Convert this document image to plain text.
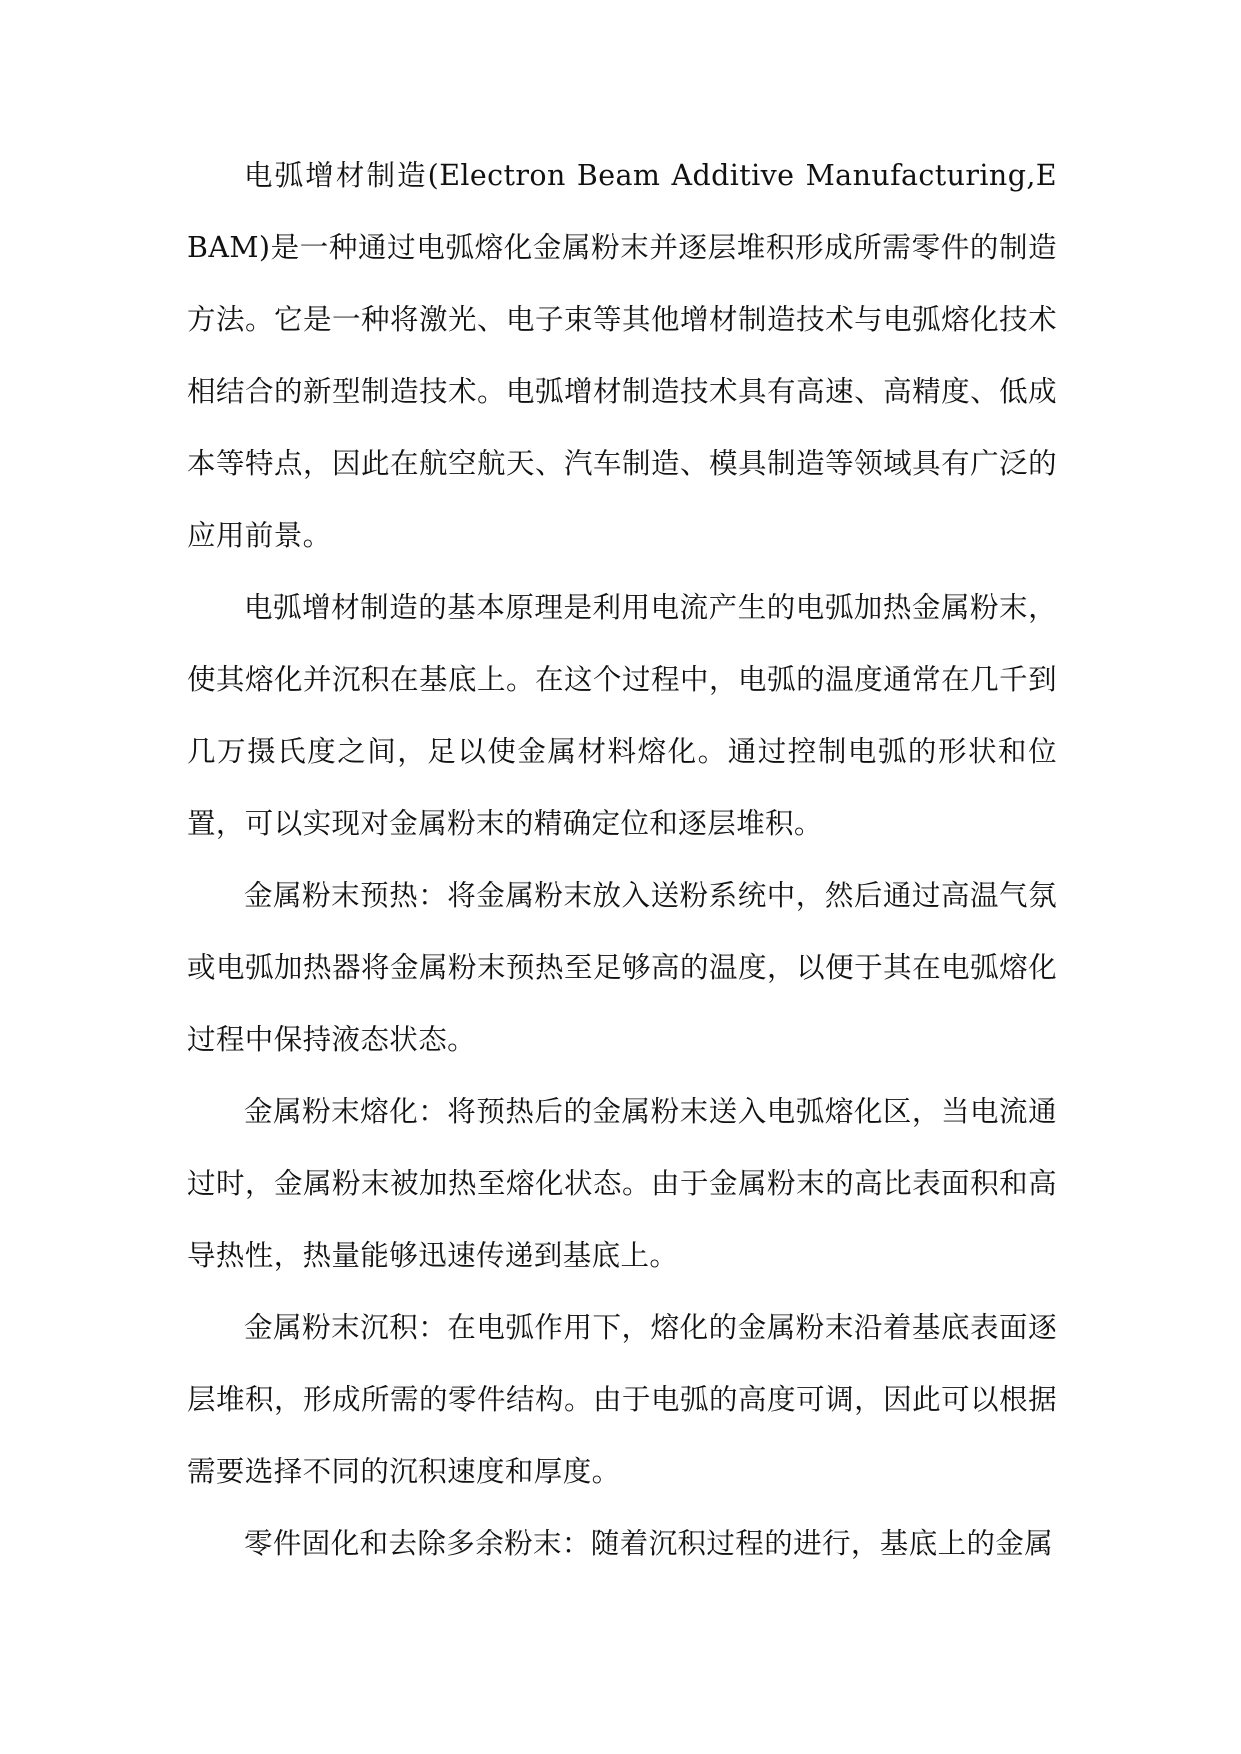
电弧增材制造(Electron Beam Additive Manufacturing,EBAM)是一种通过电弧熔化金属粉末并逐层堆积形成所需零件的制造方法。它是一种将激光、电子束等其他增材制造技术与电弧熔化技术相结合的新型制造技术。电弧增材制造技术具有高速、高精度、低成本等特点，因此在航空航天、汽车制造、模具制造等领域具有广泛的应用前景。

电弧增材制造的基本原理是利用电流产生的电弧加热金属粉末，使其熔化并沉积在基底上。在这个过程中，电弧的温度通常在几千到几万摄氏度之间，足以使金属材料熔化。通过控制电弧的形状和位置，可以实现对金属粉末的精确定位和逐层堆积。

金属粉末预热：将金属粉末放入送粉系统中，然后通过高温气氛或电弧加热器将金属粉末预热至足够高的温度，以便于其在电弧熔化过程中保持液态状态。

金属粉末熔化：将预热后的金属粉末送入电弧熔化区，当电流通过时，金属粉末被加热至熔化状态。由于金属粉末的高比表面积和高导热性，热量能够迅速传递到基底上。

金属粉末沉积：在电弧作用下，熔化的金属粉末沿着基底表面逐层堆积，形成所需的零件结构。由于电弧的高度可调，因此可以根据需要选择不同的沉积速度和厚度。

零件固化和去除多余粉末：随着沉积过程的进行，基底上的金属
